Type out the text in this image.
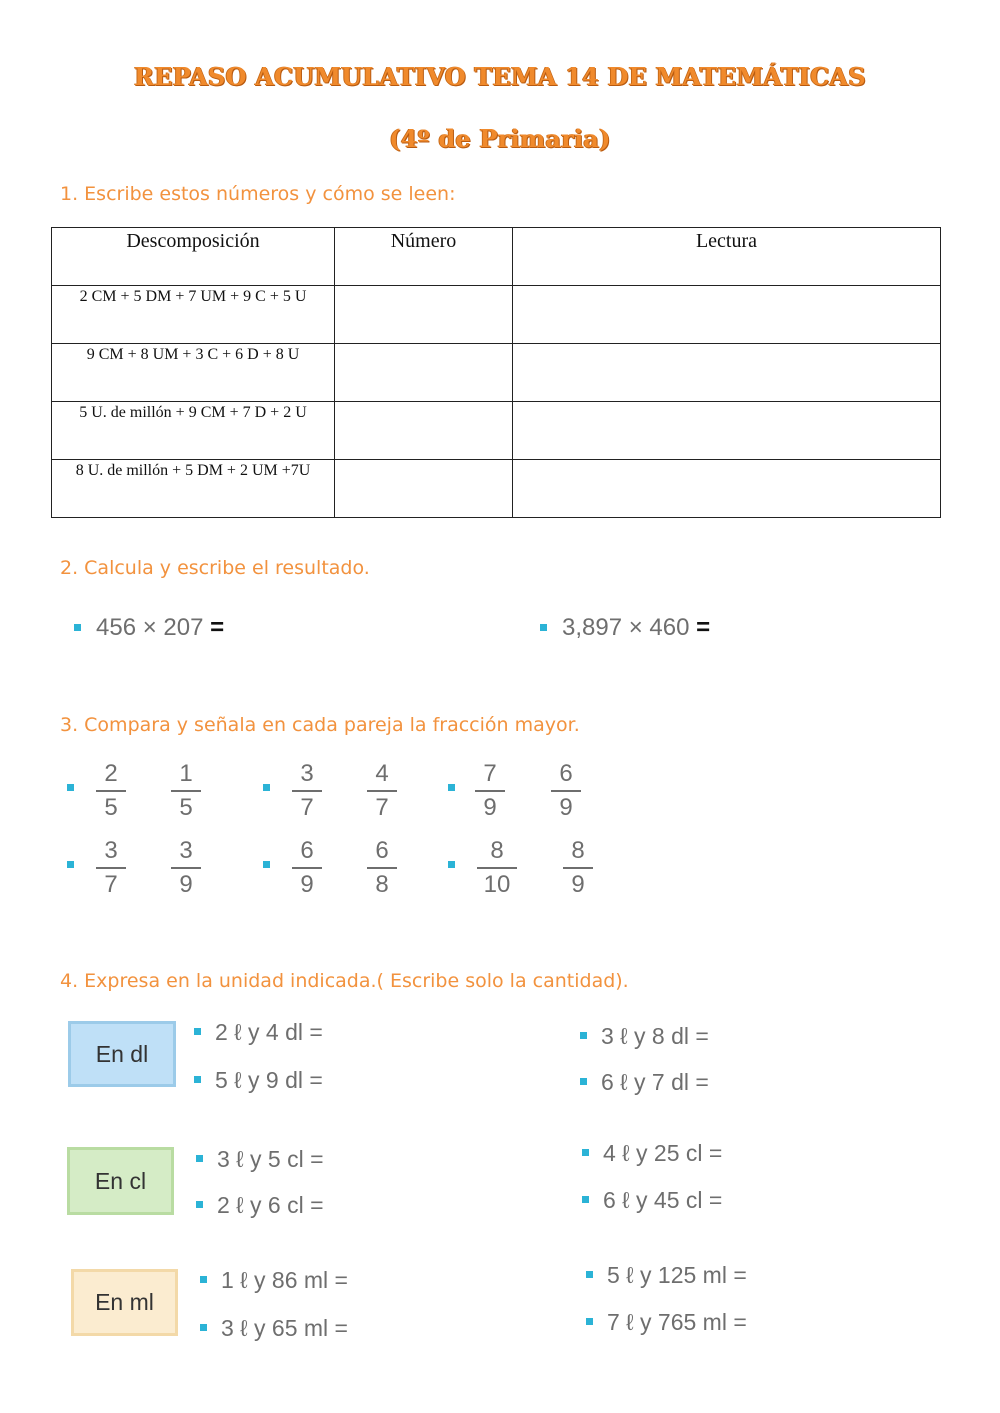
REPASO ACUMULATIVO TEMA 14 DE MATEMÁTICAS
(4º de Primaria)
1. Escribe estos números y cómo se leen:
Descomposición	Número	Lectura
2 CM + 5 DM + 7 UM + 9 C + 5 U		
9 CM + 8 UM + 3 C + 6 D + 8 U		
5 U. de millón + 9 CM + 7 D + 2 U		
8 U. de millón + 5 DM + 2 UM +7U		
2. Calcula y escribe el resultado.
456 × 207 =	3,897 × 460 =
3. Compara y señala en cada pareja la fracción mayor.
2
5
1
5
3
7
4
7
7
9
6
9
3
7
3
9
6
9
6
8
8
10
8
9
4. Expresa en la unidad indicada.( Escribe solo la cantidad).
En dl
2 ℓ y 4 dl =
5 ℓ y 9 dl =
3 ℓ y 8 dl =
6 ℓ y 7 dl =
En cl
3 ℓ y 5 cl =
2 ℓ y 6 cl =
4 ℓ y 25 cl =
6 ℓ y 45 cl =
En ml
1 ℓ y 86 ml =
3 ℓ y 65 ml =
5 ℓ y 125 ml =
7 ℓ y 765 ml =
